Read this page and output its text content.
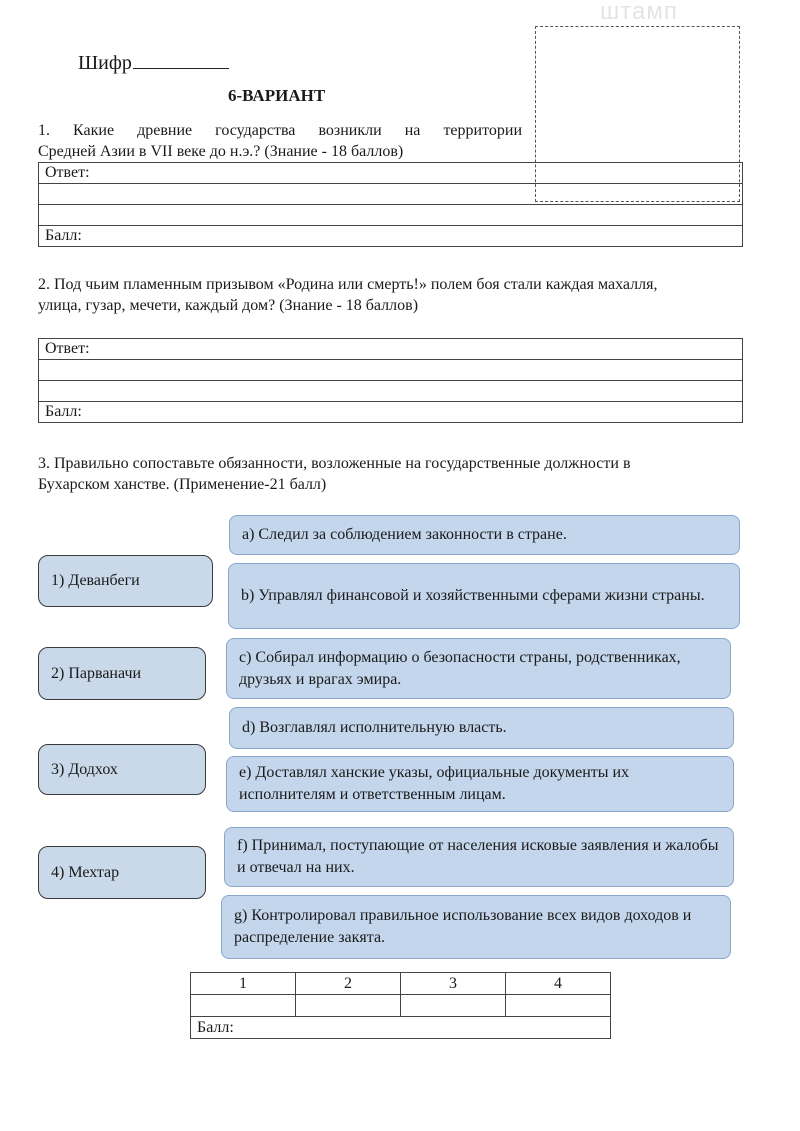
штамп
Шифр
6-ВАРИАНТ
1. Какие древние государства возникли на территории
Средней Азии в VII веке до н.э.? (Знание - 18 баллов)
Ответ:

Балл:
2. Под чьим пламенным призывом «Родина или смерть!» полем боя стали каждая махалля,
улица, гузар, мечети, каждый дом? (Знание - 18 баллов)
Ответ:

Балл:
3. Правильно сопоставьте обязанности, возложенные на государственные должности в
Бухарском ханстве. (Применение-21 балл)
1) Деванбеги
2) Парваначи
3) Додхох
4) Мехтар
a) Следил за соблюдением законности в стране.
b) Управлял финансовой и хозяйственными сферами жизни страны.
c) Собирал информацию о безопасности страны, родственниках, друзьях и врагах эмира.
d) Возглавлял исполнительную власть.
e) Доставлял ханские указы, официальные документы их исполнителям и ответственным лицам.
f) Принимал, поступающие от населения исковые заявления и жалобы и отвечал на них.
g) Контролировал правильное использование всех видов доходов и распределение закята.
1	2	3	4

Балл:			
